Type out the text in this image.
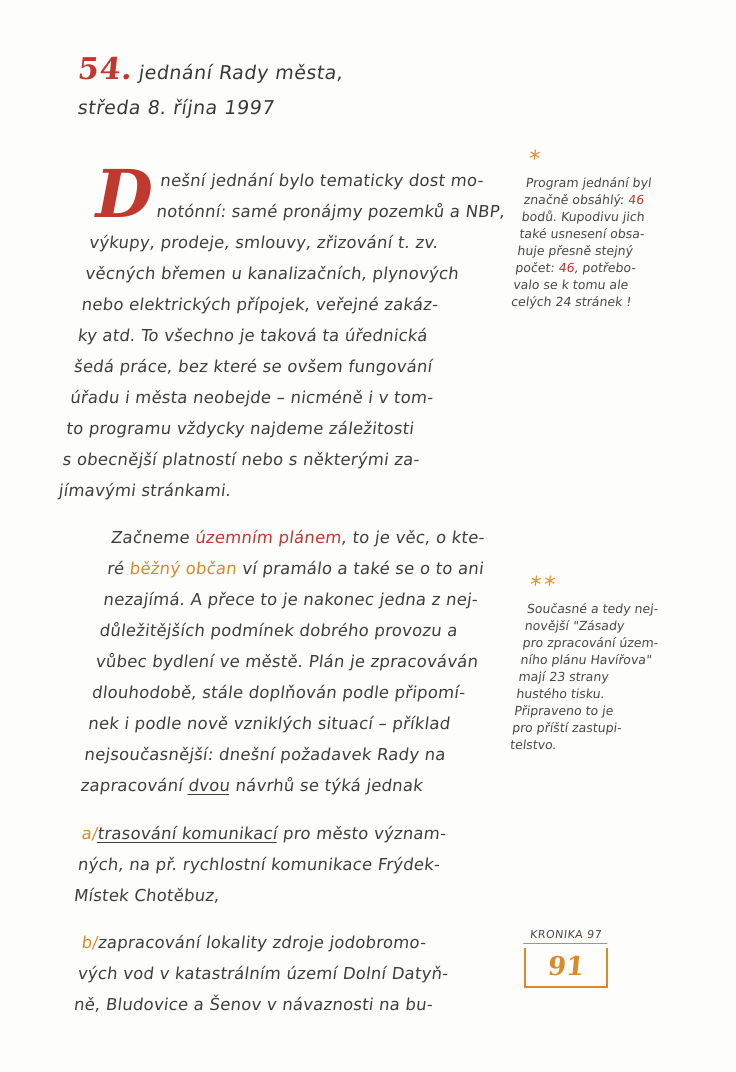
54. jednání Rady města,
středa 8. října 1997

D
nešní jednání bylo tematicky dost mo-
notónní: samé pronájmy pozemků a NBP,
výkupy, prodeje, smlouvy, zřizování t. zv.
věcných břemen u kanalizačních, plynových
nebo elektrických přípojek, veřejné zakáz-
ky atd. To všechno je taková ta úřednická
šedá práce, bez které se ovšem fungování
úřadu i města neobejde – nicméně i v tom-
to programu vždycky najdeme záležitosti
s obecnější platností nebo s některými za-
jímavými stránkami.

Začneme územním plánem, to je věc, o kte-
ré běžný občan ví pramálo a také se o to ani
nezajímá. A přece to je nakonec jedna z nej-
důležitějších podmínek dobrého provozu a
vůbec bydlení ve městě. Plán je zpracováván
dlouhodobě, stále doplňován podle připomí-
nek i podle nově vzniklých situací – příklad
nejsoučasnější: dnešní požadavek Rady na
zapracování dvou návrhů se týká jednak

a/trasování komunikací pro město význam-
ných, na př. rychlostní komunikace Frýdek-
Místek Chotěbuz,

b/zapracování lokality zdroje jodobromo-
vých vod v katastrálním území Dolní Datyň-
ně, Bludovice a Šenov v návaznosti na bu-

*
Program jednání byl
značně obsáhlý: 46
bodů. Kupodivu jich
také usnesení obsa-
huje přesně stejný
počet: 46, potřebo-
valo se k tomu ale
celých 24 stránek !
**
Současné a tedy nej-
novější "Zásady
pro zpracování územ-
ního plánu Havířova"
mají 23 strany
hustého tisku.
Připraveno to je
pro příští zastupi-
telstvo.
KRONIKA 97
91
